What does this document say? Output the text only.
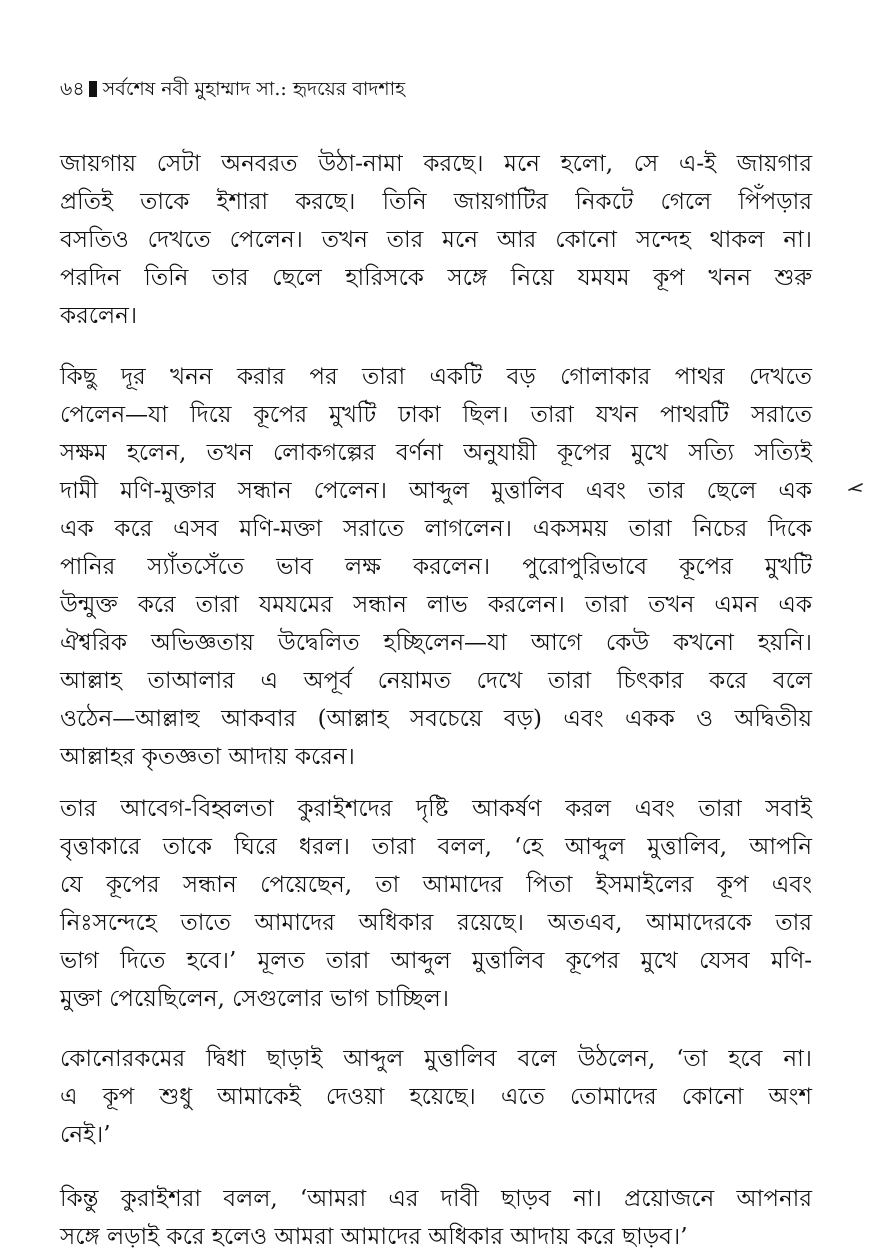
৬৪ সর্বশেষ নবী মুহাম্মাদ সা.: হৃদয়ের বাদশাহ
জায়গায় সেটা অনবরত উঠা-নামা করছে। মনে হলো, সে এ-ই জায়গার
প্রতিই তাকে ইশারা করছে। তিনি জায়গাটির নিকটে গেলে পিঁপড়ার
বসতিও দেখতে পেলেন। তখন তার মনে আর কোনো সন্দেহ থাকল না।
পরদিন তিনি তার ছেলে হারিসকে সঙ্গে নিয়ে যমযম কূপ খনন শুরু
করলেন।
কিছু দূর খনন করার পর তারা একটি বড় গোলাকার পাথর দেখতে
পেলেন—যা দিয়ে কূপের মুখটি ঢাকা ছিল। তারা যখন পাথরটি সরাতে
সক্ষম হলেন, তখন লোকগল্পের বর্ণনা অনুযায়ী কূপের মুখে সত্যি সত্যিই
দামী মণি-মুক্তার সন্ধান পেলেন। আব্দুল মুত্তালিব এবং তার ছেলে এক
এক করে এসব মণি-মক্তা সরাতে লাগলেন। একসময় তারা নিচের দিকে
পানির স্যাঁতসেঁতে ভাব লক্ষ করলেন। পুরোপুরিভাবে কূপের মুখটি
উন্মুক্ত করে তারা যমযমের সন্ধান লাভ করলেন। তারা তখন এমন এক
ঐশ্বরিক অভিজ্ঞতায় উদ্বেলিত হচ্ছিলেন—যা আগে কেউ কখনো হয়নি।
আল্লাহ তাআলার এ অপূর্ব নেয়ামত দেখে তারা চিৎকার করে বলে
ওঠেন—আল্লাহু আকবার (আল্লাহ সবচেয়ে বড়) এবং একক ও অদ্বিতীয়
আল্লাহর কৃতজ্ঞতা আদায় করেন।
তার আবেগ-বিহ্বলতা কুরাইশদের দৃষ্টি আকর্ষণ করল এবং তারা সবাই
বৃত্তাকারে তাকে ঘিরে ধরল। তারা বলল, ‘হে আব্দুল মুত্তালিব, আপনি
যে কূপের সন্ধান পেয়েছেন, তা আমাদের পিতা ইসমাইলের কূপ এবং
নিঃসন্দেহে তাতে আমাদের অধিকার রয়েছে। অতএব, আমাদেরকে তার
ভাগ দিতে হবে।’ মূলত তারা আব্দুল মুত্তালিব কূপের মুখে যেসব মণি-
মুক্তা পেয়েছিলেন, সেগুলোর ভাগ চাচ্ছিল।
কোনোরকমের দ্বিধা ছাড়াই আব্দুল মুত্তালিব বলে উঠলেন, ‘তা হবে না।
এ কূপ শুধু আমাকেই দেওয়া হয়েছে। এতে তোমাদের কোনো অংশ
নেই।’
কিন্তু কুরাইশরা বলল, ‘আমরা এর দাবী ছাড়ব না। প্রয়োজনে আপনার
সঙ্গে লড়াই করে হলেও আমরা আমাদের অধিকার আদায় করে ছাড়ব।’
